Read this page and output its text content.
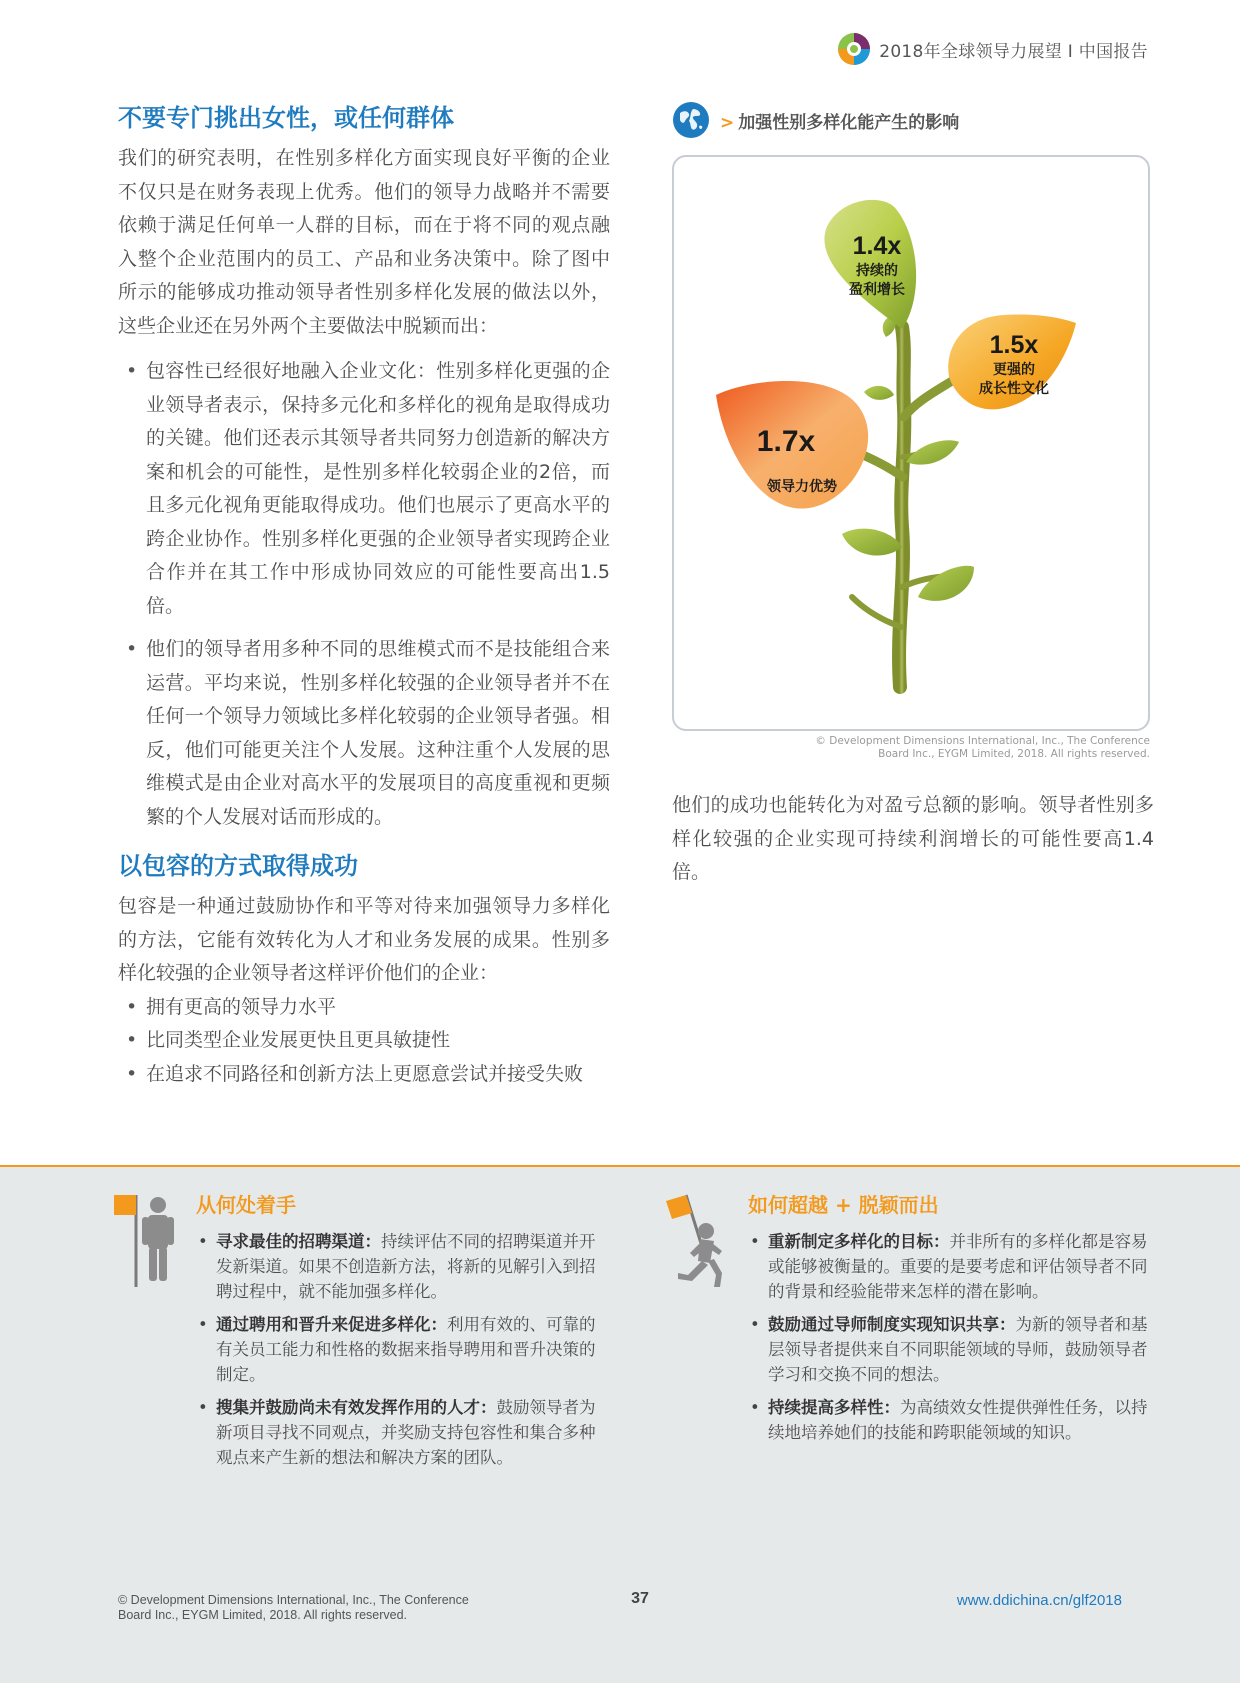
2018年全球领导力展望 I 中国报告
不要专门挑出女性，或任何群体

我们的研究表明，在性别多样化方面实现良好平衡的企业不仅只是在财务表现上优秀。他们的领导力战略并不需要依赖于满足任何单一人群的目标，而在于将不同的观点融入整个企业范围内的员工、产品和业务决策中。除了图中所示的能够成功推动领导者性别多样化发展的做法以外，这些企业还在另外两个主要做法中脱颖而出：

• 包容性已经很好地融入企业文化：性别多样化更强的企业领导者表示，保持多元化和多样化的视角是取得成功的关键。他们还表示其领导者共同努力创造新的解决方案和机会的可能性，是性别多样化较弱企业的2倍，而且多元化视角更能取得成功。他们也展示了更高水平的跨企业协作。性别多样化更强的企业领导者实现跨企业合作并在其工作中形成协同效应的可能性要高出1.5倍。
• 他们的领导者用多种不同的思维模式而不是技能组合来运营。平均来说，性别多样化较强的企业领导者并不在任何一个领导力领域比多样化较弱的企业领导者强。相反，他们可能更关注个人发展。这种注重个人发展的思维模式是由企业对高水平的发展项目的高度重视和更频繁的个人发展对话而形成的。
以包容的方式取得成功

包容是一种通过鼓励协作和平等对待来加强领导力多样化的方法，它能有效转化为人才和业务发展的成果。性别多样化较强的企业领导者这样评价他们的企业：

• 拥有更高的领导力水平
• 比同类型企业发展更快且更具敏捷性
• 在追求不同路径和创新方法上更愿意尝试并接受失败
> 加强性别多样化能产生的影响
1.4x
持续的
盈利增长
1.5x
更强的
成长性文化
1.7x
领导力优势
© Development Dimensions International, Inc., The Conference
Board Inc., EYGM Limited, 2018. All rights reserved.

他们的成功也能转化为对盈亏总额的影响。领导者性别多样化较强的企业实现可持续利润增长的可能性要高1.4倍。

从何处着手
• 寻求最佳的招聘渠道：持续评估不同的招聘渠道并开发新渠道。如果不创造新方法，将新的见解引入到招聘过程中，就不能加强多样化。
• 通过聘用和晋升来促进多样化：利用有效的、可靠的有关员工能力和性格的数据来指导聘用和晋升决策的制定。
• 搜集并鼓励尚未有效发挥作用的人才：鼓励领导者为新项目寻找不同观点，并奖励支持包容性和集合多种观点来产生新的想法和解决方案的团队。
如何超越 + 脱颖而出
• 重新制定多样化的目标：并非所有的多样化都是容易或能够被衡量的。重要的是要考虑和评估领导者不同的背景和经验能带来怎样的潜在影响。
• 鼓励通过导师制度实现知识共享：为新的领导者和基层领导者提供来自不同职能领域的导师，鼓励领导者学习和交换不同的想法。
• 持续提高多样性：为高绩效女性提供弹性任务，以持续地培养她们的技能和跨职能领域的知识。
© Development Dimensions International, Inc., The Conference
Board Inc., EYGM Limited, 2018. All rights reserved.
37	www.ddichina.cn/glf2018
